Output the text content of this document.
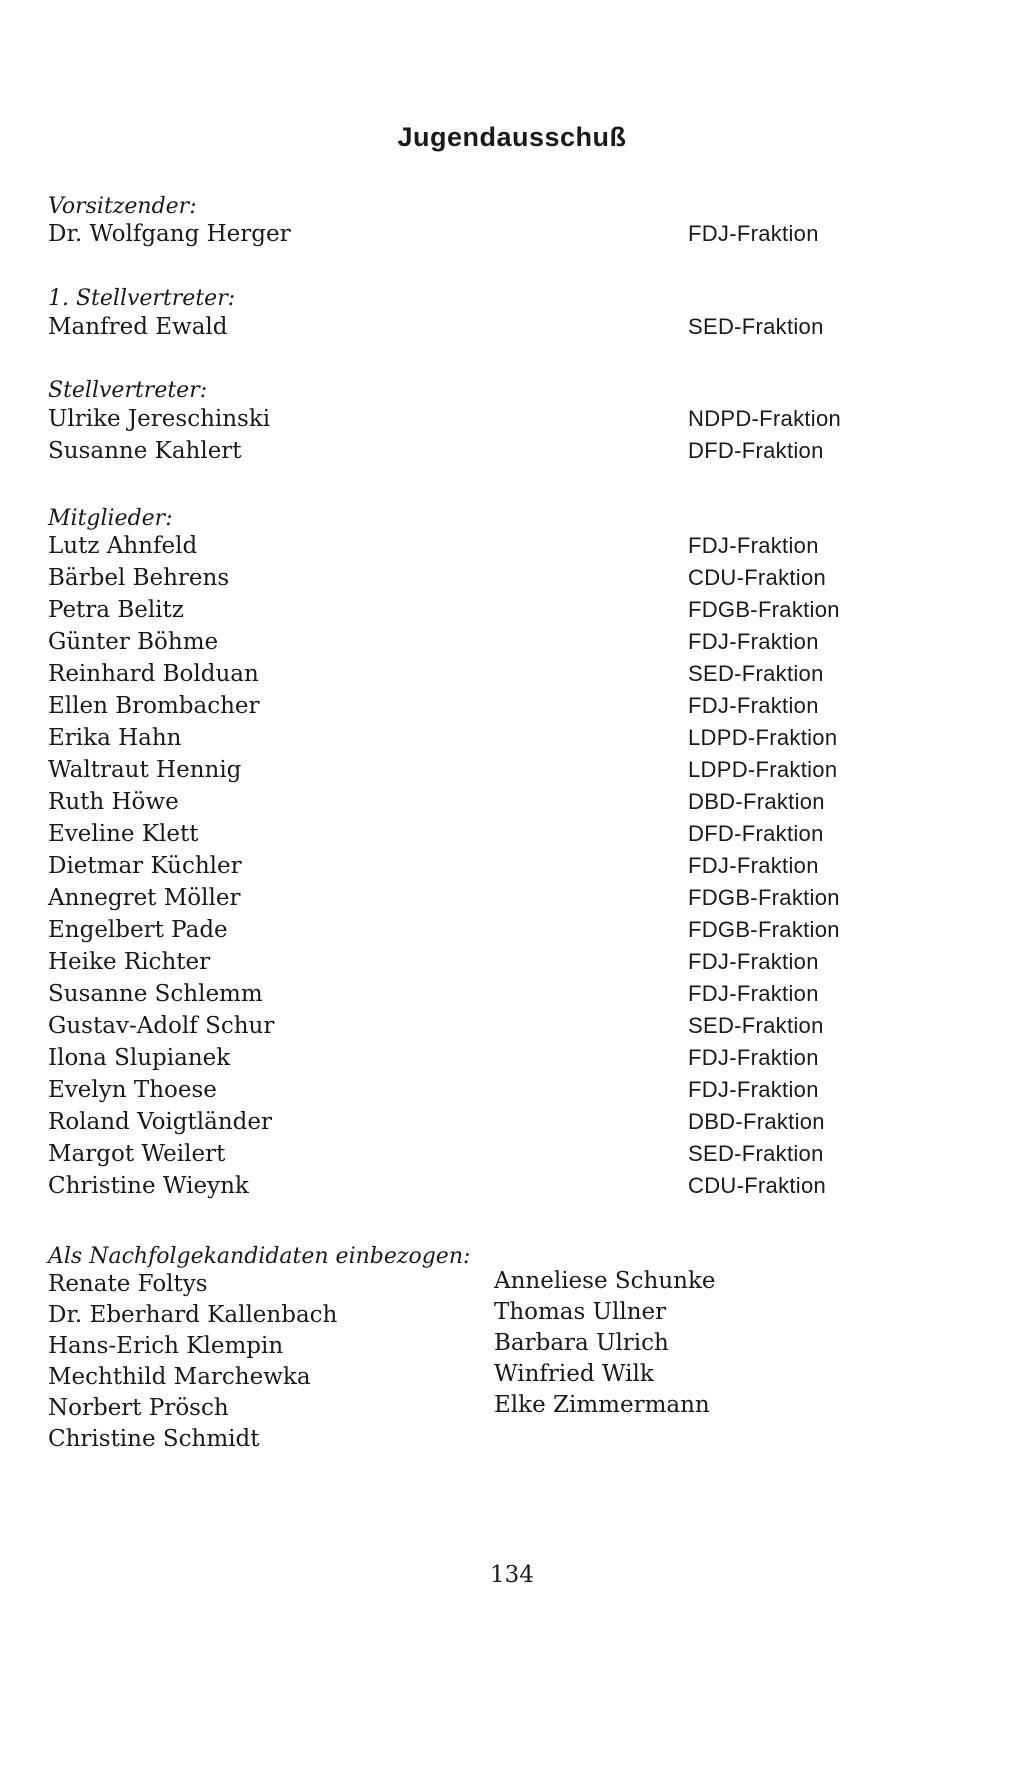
Jugendausschuß
Vorsitzender:
Dr. Wolfgang Herger	FDJ-Fraktion
1. Stellvertreter:
Manfred Ewald	SED-Fraktion
Stellvertreter:
Ulrike Jereschinski	NDPD-Fraktion
Susanne Kahlert	DFD-Fraktion
Mitglieder:
Lutz Ahnfeld	FDJ-Fraktion
Bärbel Behrens	CDU-Fraktion
Petra Belitz	FDGB-Fraktion
Günter Böhme	FDJ-Fraktion
Reinhard Bolduan	SED-Fraktion
Ellen Brombacher	FDJ-Fraktion
Erika Hahn	LDPD-Fraktion
Waltraut Hennig	LDPD-Fraktion
Ruth Höwe	DBD-Fraktion
Eveline Klett	DFD-Fraktion
Dietmar Küchler	FDJ-Fraktion
Annegret Möller	FDGB-Fraktion
Engelbert Pade	FDGB-Fraktion
Heike Richter	FDJ-Fraktion
Susanne Schlemm	FDJ-Fraktion
Gustav-Adolf Schur	SED-Fraktion
Ilona Slupianek	FDJ-Fraktion
Evelyn Thoese	FDJ-Fraktion
Roland Voigtländer	DBD-Fraktion
Margot Weilert	SED-Fraktion
Christine Wieynk	CDU-Fraktion
Als Nachfolgekandidaten einbezogen:
Renate Foltys
Dr. Eberhard Kallenbach
Hans-Erich Klempin
Mechthild Marchewka
Norbert Prösch
Christine Schmidt
Anneliese Schunke
Thomas Ullner
Barbara Ulrich
Winfried Wilk
Elke Zimmermann
134
